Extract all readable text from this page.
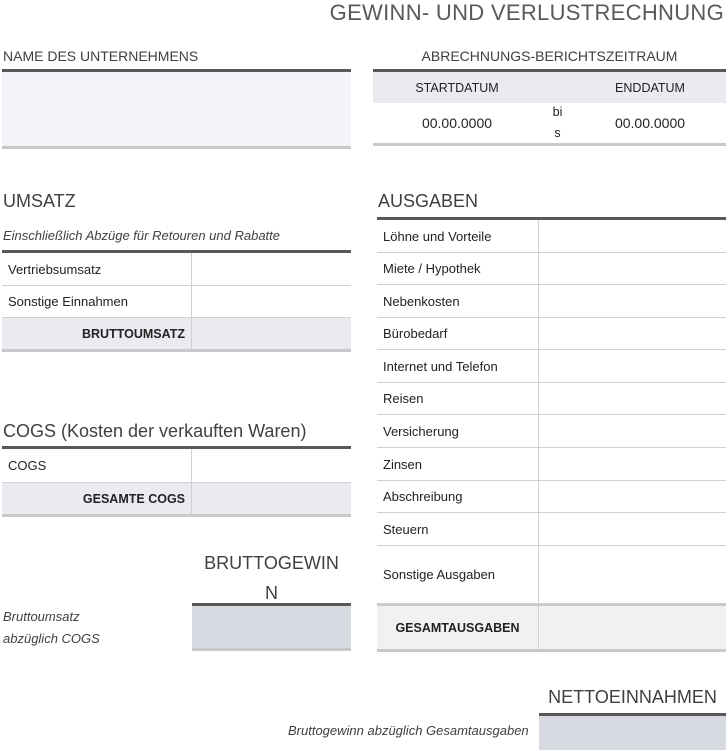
GEWINN- UND VERLUSTRECHNUNG
NAME DES UNTERNEHMENS	ABRECHNUNGS-BERICHTSZEITRAUM
STARTDATUM	ENDDATUM
00.00.0000
bi
s
00.00.0000
UMSATZ
Einschließlich Abzüge für Retouren und Rabatte
Vertriebsumsatz
Sonstige Einnahmen
BRUTTOUMSATZ
COGS (Kosten der verkauften Waren)
COGS
GESAMTE COGS
BRUTTOGEWIN
N
Bruttoumsatz
abzüglich COGS
AUSGABEN
Löhne und Vorteile
Miete / Hypothek
Nebenkosten
Bürobedarf
Internet und Telefon
Reisen
Versicherung
Zinsen
Abschreibung
Steuern
Sonstige Ausgaben
GESAMTAUSGABEN
NETTOEINNAHMEN
Bruttogewinn abzüglich Gesamtausgaben
